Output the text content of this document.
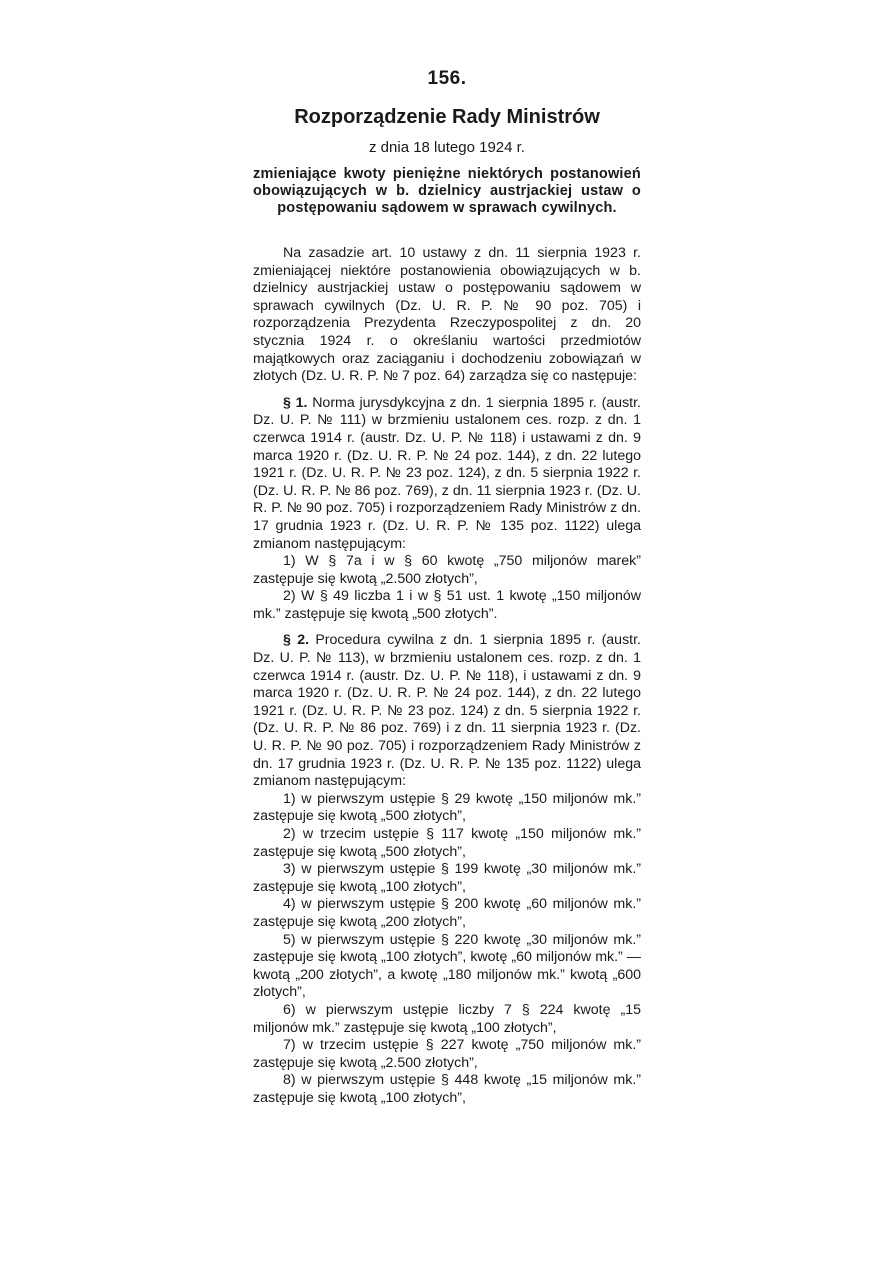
156.
Rozporządzenie Rady Ministrów
z dnia 18 lutego 1924 r.
zmieniające kwoty pieniężne niektórych postanowień obowiązujących w b. dzielnicy austrjackiej ustaw o postępowaniu sądowem w sprawach cywilnych.

Na zasadzie art. 10 ustawy z dn. 11 sierpnia 1923 r. zmieniającej niektóre postanowienia obowiązujących w b. dzielnicy austrjackiej ustaw o postępowaniu sądowem w sprawach cywilnych (Dz. U. R. P. № 90 poz. 705) i rozporządzenia Prezydenta Rzeczypospolitej z dn. 20 stycznia 1924 r. o określaniu wartości przedmiotów majątkowych oraz zaciąganiu i dochodzeniu zobowiązań w złotych (Dz. U. R. P. № 7 poz. 64) zarządza się co następuje:

§ 1. Norma jurysdykcyjna z dn. 1 sierpnia 1895 r. (austr. Dz. U. P. № 111) w brzmieniu ustalonem ces. rozp. z dn. 1 czerwca 1914 r. (austr. Dz. U. P. № 118) i ustawami z dn. 9 marca 1920 r. (Dz. U. R. P. № 24 poz. 144), z dn. 22 lutego 1921 r. (Dz. U. R. P. № 23 poz. 124), z dn. 5 sierpnia 1922 r. (Dz. U. R. P. № 86 poz. 769), z dn. 11 sierpnia 1923 r. (Dz. U. R. P. № 90 poz. 705) i rozporządzeniem Rady Ministrów z dn. 17 grudnia 1923 r. (Dz. U. R. P. № 135 poz. 1122) ulega zmianom następującym:

1) W § 7a i w § 60 kwotę „750 miljonów marek” zastępuje się kwotą „2.500 złotych”,

2) W § 49 liczba 1 i w § 51 ust. 1 kwotę „150 miljonów mk.” zastępuje się kwotą „500 złotych”.

§ 2. Procedura cywilna z dn. 1 sierpnia 1895 r. (austr. Dz. U. P. № 113), w brzmieniu ustalonem ces. rozp. z dn. 1 czerwca 1914 r. (austr. Dz. U. P. № 118), i ustawami z dn. 9 marca 1920 r. (Dz. U. R. P. № 24 poz. 144), z dn. 22 lutego 1921 r. (Dz. U. R. P. № 23 poz. 124) z dn. 5 sierpnia 1922 r. (Dz. U. R. P. № 86 poz. 769) i z dn. 11 sierpnia 1923 r. (Dz. U. R. P. № 90 poz. 705) i rozporządzeniem Rady Ministrów z dn. 17 grudnia 1923 r. (Dz. U. R. P. № 135 poz. 1122) ulega zmianom następującym:

1) w pierwszym ustępie § 29 kwotę „150 miljonów mk.” zastępuje się kwotą „500 złotych”,

2) w trzecim ustępie § 117 kwotę „150 miljonów mk.” zastępuje się kwotą „500 złotych”,

3) w pierwszym ustępie § 199 kwotę „30 miljonów mk.” zastępuje się kwotą „100 złotych”,

4) w pierwszym ustępie § 200 kwotę „60 miljonów mk.” zastępuje się kwotą „200 złotych”,

5) w pierwszym ustępie § 220 kwotę „30 miljonów mk.” zastępuje się kwotą „100 złotych”, kwotę „60 miljonów mk.” — kwotą „200 złotych”, a kwotę „180 miljonów mk.” kwotą „600 złotych”,

6) w pierwszym ustępie liczby 7 § 224 kwotę „15 miljonów mk.” zastępuje się kwotą „100 złotych”,

7) w trzecim ustępie § 227 kwotę „750 miljonów mk.” zastępuje się kwotą „2.500 złotych”,

8) w pierwszym ustępie § 448 kwotę „15 miljonów mk.” zastępuje się kwotą „100 złotych”,
